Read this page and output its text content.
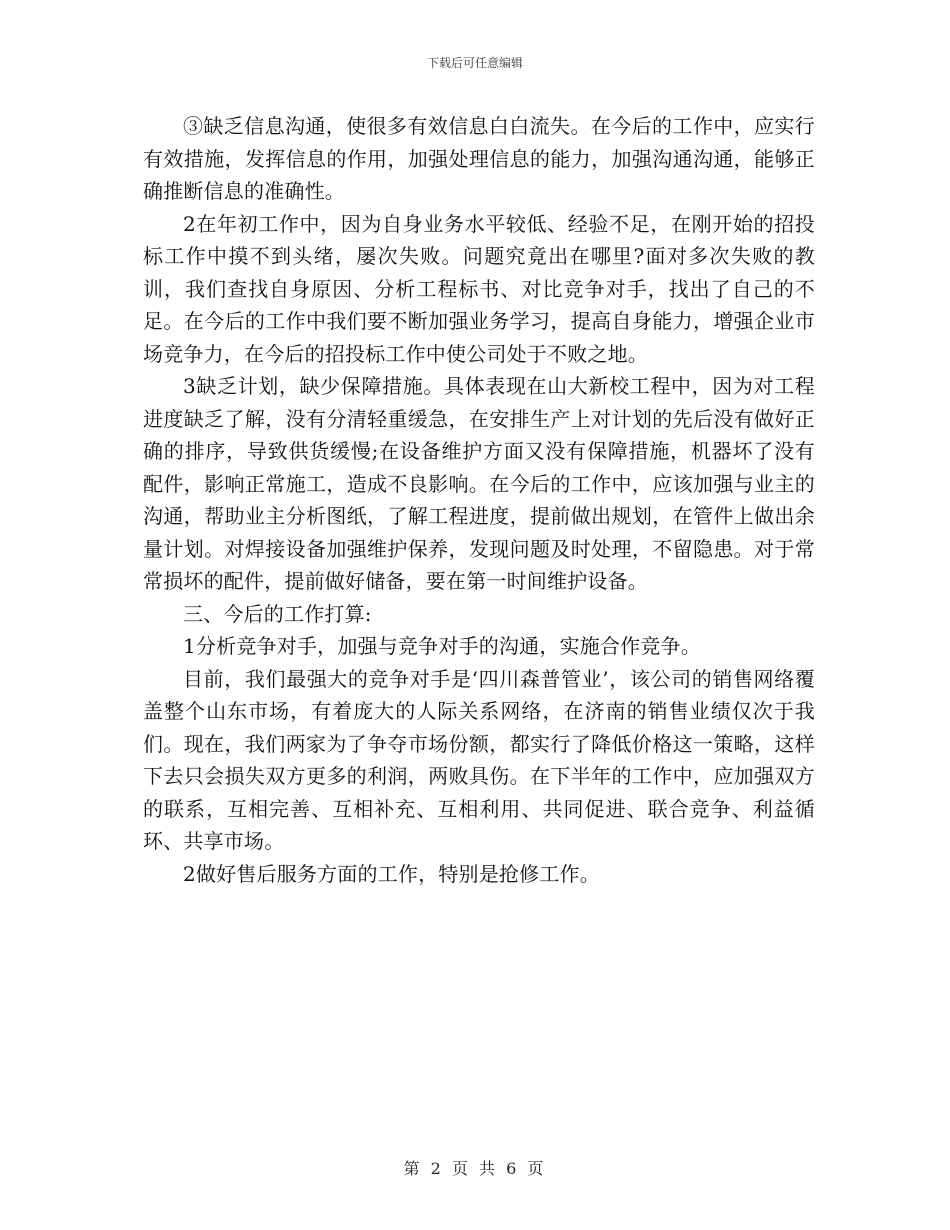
下载后可任意编辑

③缺乏信息沟通，使很多有效信息白白流失。在今后的工作中，应实行有效措施，发挥信息的作用，加强处理信息的能力，加强沟通沟通，能够正确推断信息的准确性。

2在年初工作中，因为自身业务水平较低、经验不足，在刚开始的招投标工作中摸不到头绪，屡次失败。问题究竟出在哪里?面对多次失败的教训，我们查找自身原因、分析工程标书、对比竞争对手，找出了自己的不足。在今后的工作中我们要不断加强业务学习，提高自身能力，增强企业市场竞争力，在今后的招投标工作中使公司处于不败之地。

3缺乏计划，缺少保障措施。具体表现在山大新校工程中，因为对工程进度缺乏了解，没有分清轻重缓急，在安排生产上对计划的先后没有做好正确的排序，导致供货缓慢;在设备维护方面又没有保障措施，机器坏了没有配件，影响正常施工，造成不良影响。在今后的工作中，应该加强与业主的沟通，帮助业主分析图纸，了解工程进度，提前做出规划，在管件上做出余量计划。对焊接设备加强维护保养，发现问题及时处理，不留隐患。对于常常损坏的配件，提前做好储备，要在第一时间维护设备。

三、今后的工作打算:

1分析竞争对手，加强与竞争对手的沟通，实施合作竞争。

目前，我们最强大的竞争对手是‘四川森普管业’，该公司的销售网络覆盖整个山东市场，有着庞大的人际关系网络，在济南的销售业绩仅次于我们。现在，我们两家为了争夺市场份额，都实行了降低价格这一策略，这样下去只会损失双方更多的利润，两败具伤。在下半年的工作中，应加强双方的联系，互相完善、互相补充、互相利用、共同促进、联合竞争、利益循环、共享市场。

2做好售后服务方面的工作，特别是抢修工作。

第 2 页 共 6 页
